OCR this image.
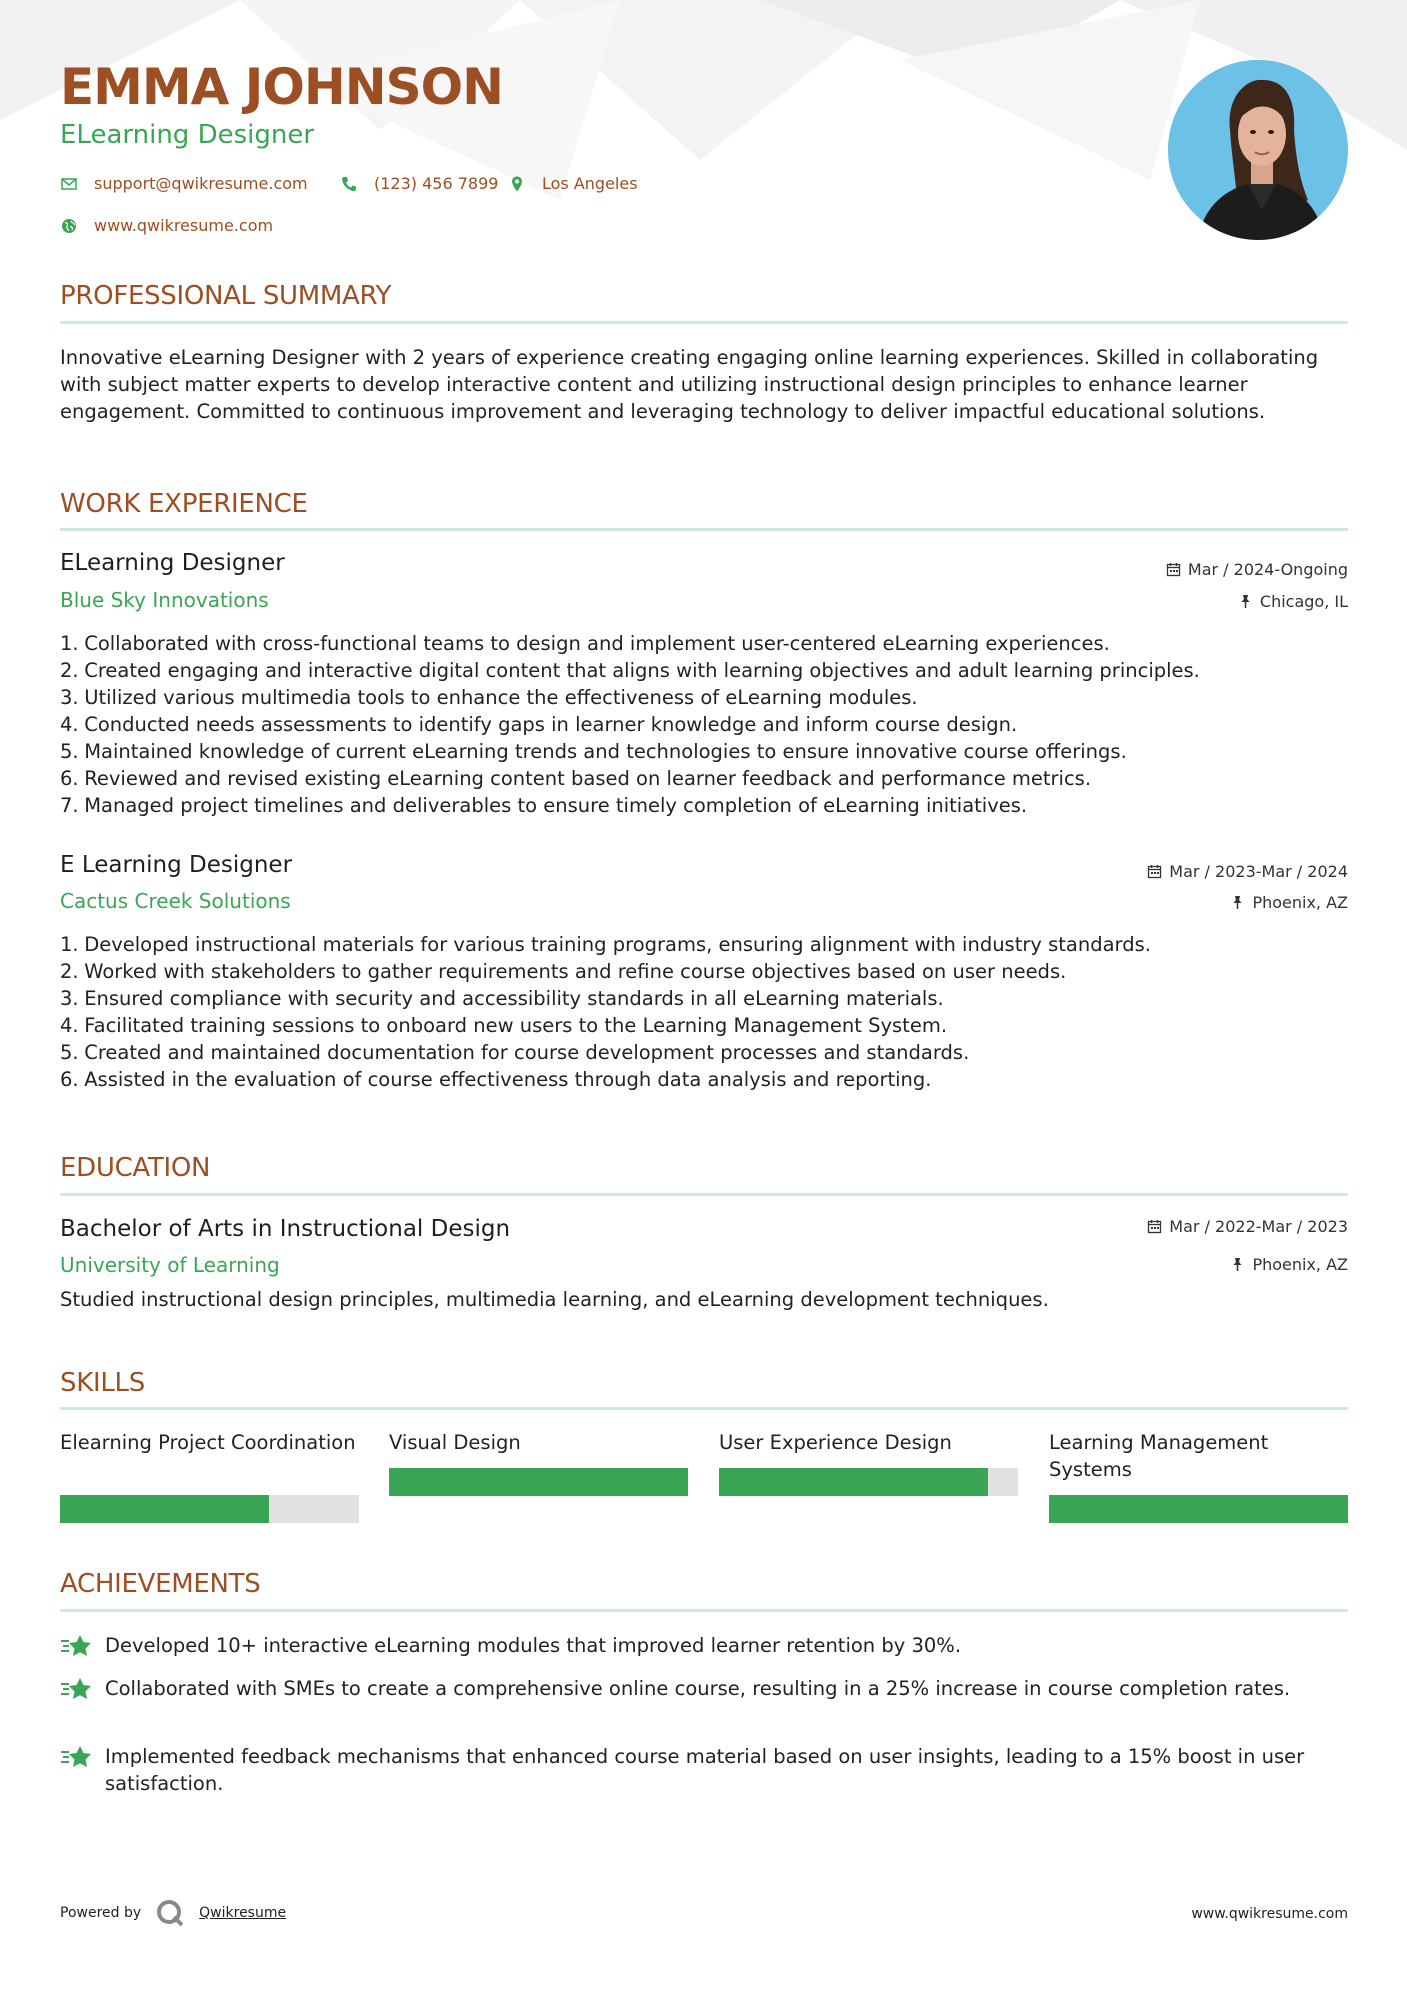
EMMA JOHNSON
ELearning Designer
support@qwikresume.com	(123) 456 7899	Los Angeles
www.qwikresume.com
PROFESSIONAL SUMMARY
Innovative eLearning Designer with 2 years of experience creating engaging online learning experiences. Skilled in collaborating with subject matter experts to develop interactive content and utilizing instructional design principles to enhance learner engagement. Committed to continuous improvement and leveraging technology to deliver impactful educational solutions.
WORK EXPERIENCE
ELearning Designer	Mar / 2024-Ongoing
Blue Sky Innovations	Chicago, IL
1.
Collaborated with cross-functional teams to design and implement user-centered eLearning experiences.
2.
Created engaging and interactive digital content that aligns with learning objectives and adult learning principles.
3.
Utilized various multimedia tools to enhance the effectiveness of eLearning modules.
4.
Conducted needs assessments to identify gaps in learner knowledge and inform course design.
5.
Maintained knowledge of current eLearning trends and technologies to ensure innovative course offerings.
6.
Reviewed and revised existing eLearning content based on learner feedback and performance metrics.
7.
Managed project timelines and deliverables to ensure timely completion of eLearning initiatives.
E Learning Designer	Mar / 2023-Mar / 2024
Cactus Creek Solutions	Phoenix, AZ
1.
Developed instructional materials for various training programs, ensuring alignment with industry standards.
2.
Worked with stakeholders to gather requirements and refine course objectives based on user needs.
3.
Ensured compliance with security and accessibility standards in all eLearning materials.
4.
Facilitated training sessions to onboard new users to the Learning Management System.
5.
Created and maintained documentation for course development processes and standards.
6.
Assisted in the evaluation of course effectiveness through data analysis and reporting.
EDUCATION
Bachelor of Arts in Instructional Design	Mar / 2022-Mar / 2023
University of Learning	Phoenix, AZ
Studied instructional design principles, multimedia learning, and eLearning development techniques.
SKILLS
Elearning Project Coordination Visual Design	User Experience Design	Learning Management Systems
ACHIEVEMENTS
Developed 10+ interactive eLearning modules that improved learner retention by 30%.
Collaborated with SMEs to create a comprehensive online course, resulting in a 25% increase in course completion rates.
Implemented feedback mechanisms that enhanced course material based on user insights, leading to a 15% boost in user satisfaction.
Powered by	Qwikresume	www.qwikresume.com
